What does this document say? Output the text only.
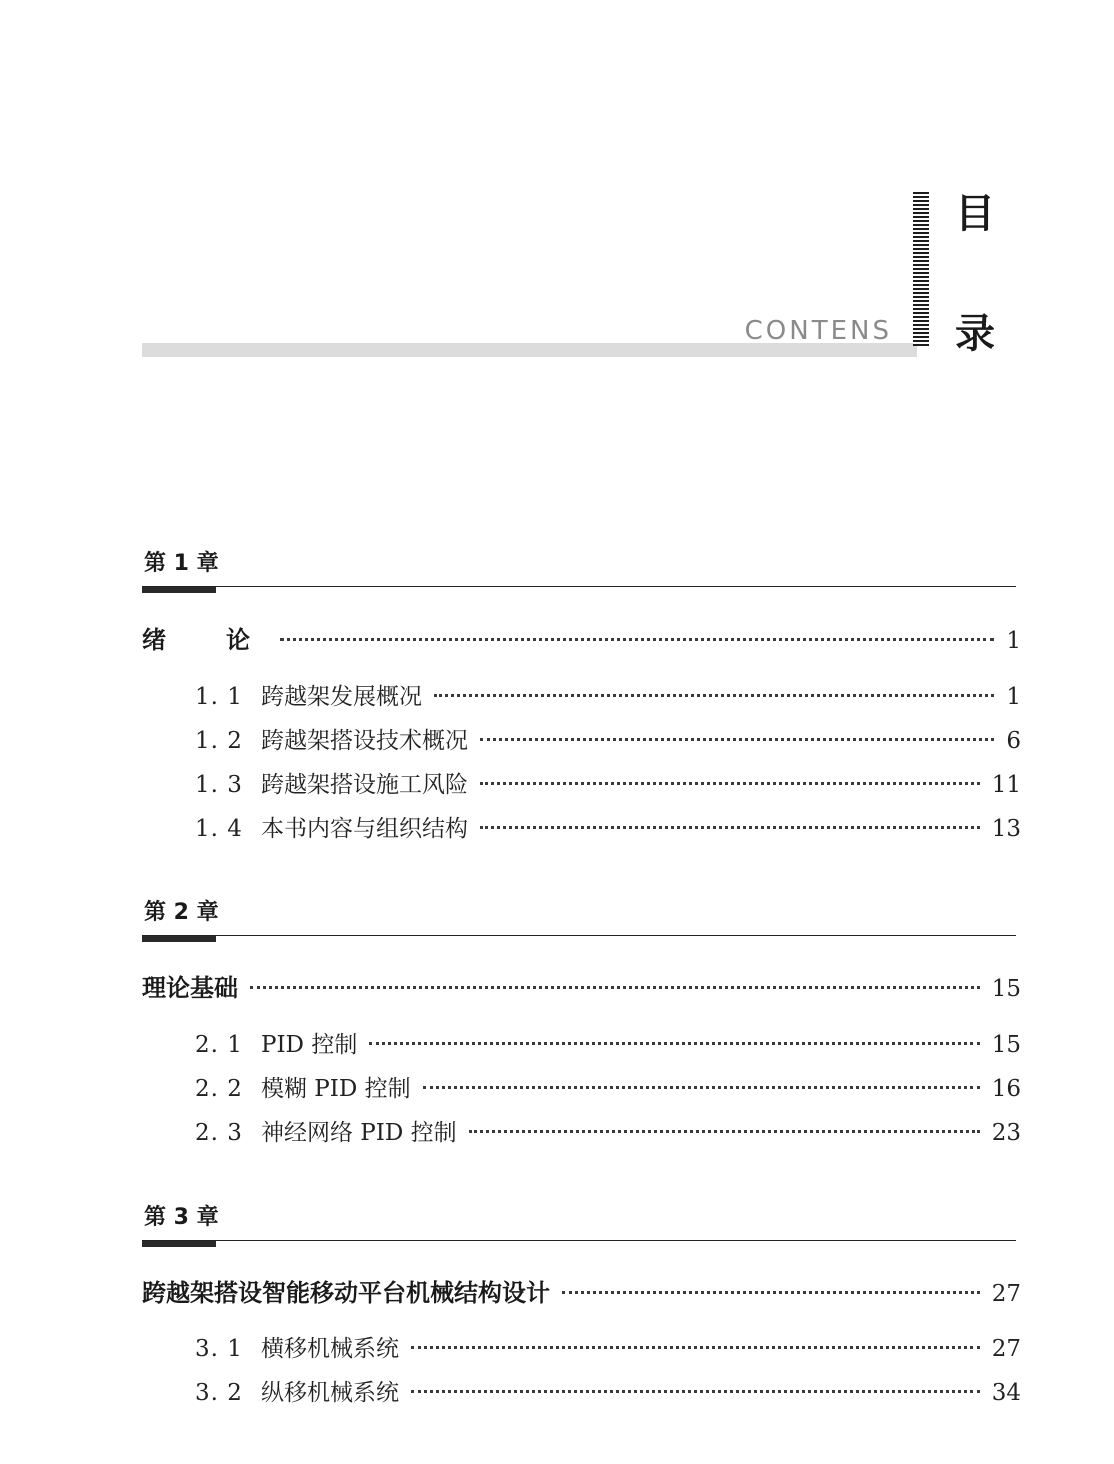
CONTENS
目
录
第 1 章
绪　论	1
1. 1 跨越架发展概况	1
1. 2 跨越架搭设技术概况	6
1. 3 跨越架搭设施工风险	11
1. 4 本书内容与组织结构	13
第 2 章
理论基础	15
2. 1 PID 控制	15
2. 2 模糊 PID 控制	16
2. 3 神经网络 PID 控制	23
第 3 章
跨越架搭设智能移动平台机械结构设计	27
3. 1 横移机械系统	27
3. 2 纵移机械系统	34
